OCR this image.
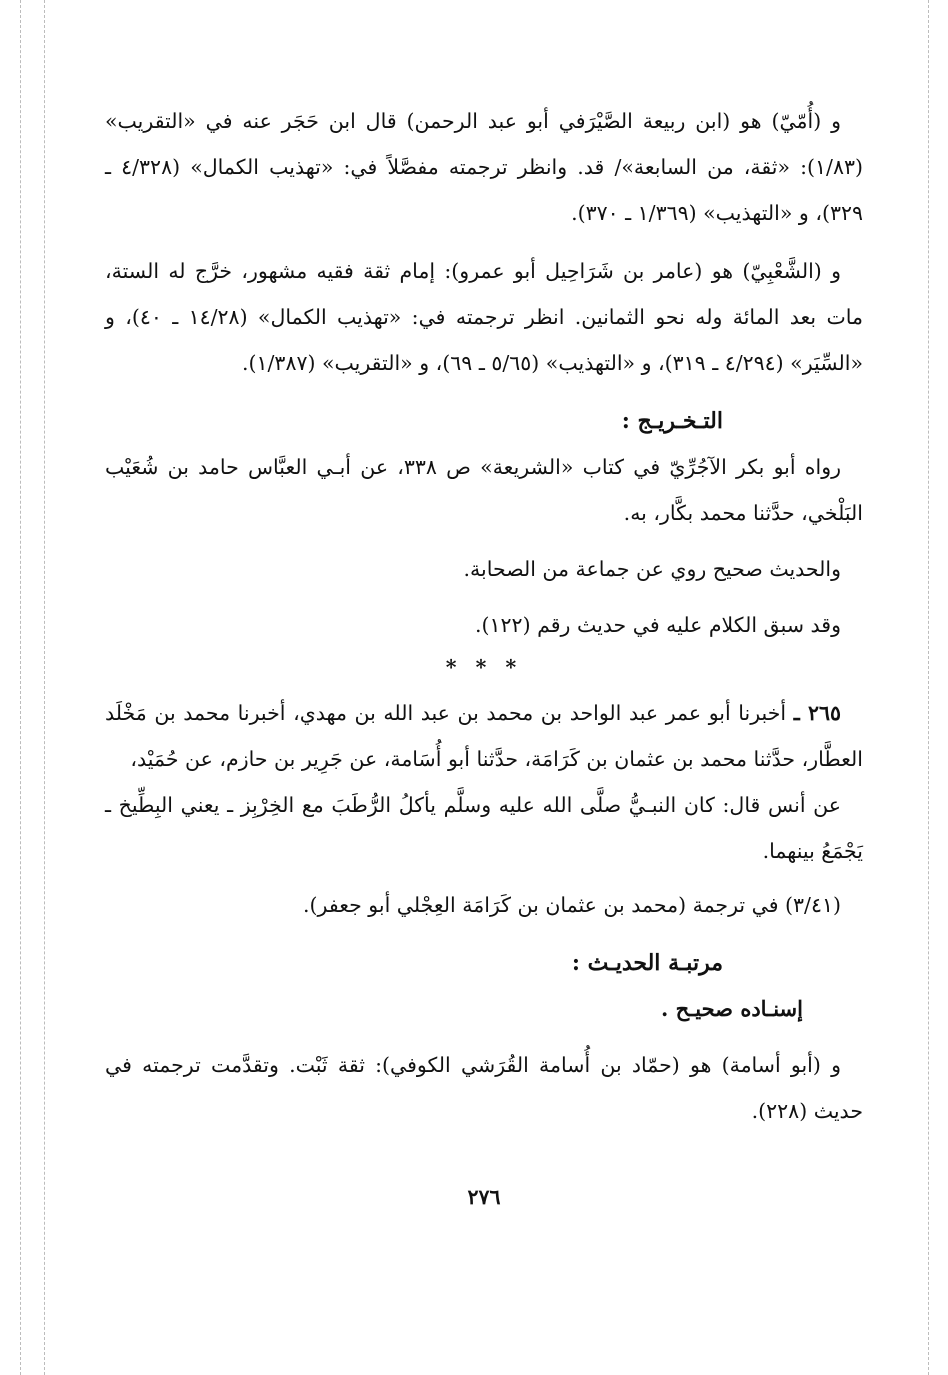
و (أُمّيّ) هو (ابن ربيعة الصَّيْرَفي أبو عبد الرحمن) قال ابن حَجَر عنه في «التقريب» (١/٨٣): «ثقة، من السابعة»/ قد. وانظر ترجمته مفصَّلاً في: «تهذيب الكمال» (٤/٣٢٨ ـ ٣٢٩)، و «التهذيب» (١/٣٦٩ ـ ٣٧٠).

و (الشَّعْبِيّ) هو (عامر بن شَرَاحِيل أبو عمرو): إمام ثقة فقيه مشهور، خرَّج له الستة، مات بعد المائة وله نحو الثمانين. انظر ترجمته في: «تهذيب الكمال» (١٤/٢٨ ـ ٤٠)، و «السِّيَر» (٤/٢٩٤ ـ ٣١٩)، و «التهذيب» (٥/٦٥ ـ ٦٩)، و «التقريب» (١/٣٨٧).

التـخـريـج :

رواه أبو بكر الآجُرِّيّ في كتاب «الشريعة» ص ٣٣٨، عن أبـي العبَّاس حامد بن شُعَيْب البَلْخي، حدَّثنا محمد بكَّار، به.

والحديث صحيح روي عن جماعة من الصحابة.

وقد سبق الكلام عليه في حديث رقم (١٢٢).

* * *

٢٦٥ ـ أخبرنا أبو عمر عبد الواحد بن محمد بن عبد الله بن مهدي، أخبرنا محمد بن مَخْلَد العطَّار، حدَّثنا محمد بن عثمان بن كَرَامَة، حدَّثنا أبو أُسَامة، عن جَرِير بن حازم، عن حُمَيْد،

عن أنس قال: كان النبـيُّ صلَّى الله عليه وسلَّم يأكلُ الرُّطَبَ مع الخِرْبِز ـ يعني البِطِّيخ ـ يَجْمَعُ بينهما.

(٣/٤١) في ترجمة (محمد بن عثمان بن كَرَامَة العِجْلي أبو جعفر).

مرتبـة الحديـث :

إسنـاده صحيـح .

و (أبو أسامة) هو (حمّاد بن أُسامة القُرَشي الكوفي): ثقة ثَبْت. وتقدَّمت ترجمته في حديث (٢٢٨).

٢٧٦
